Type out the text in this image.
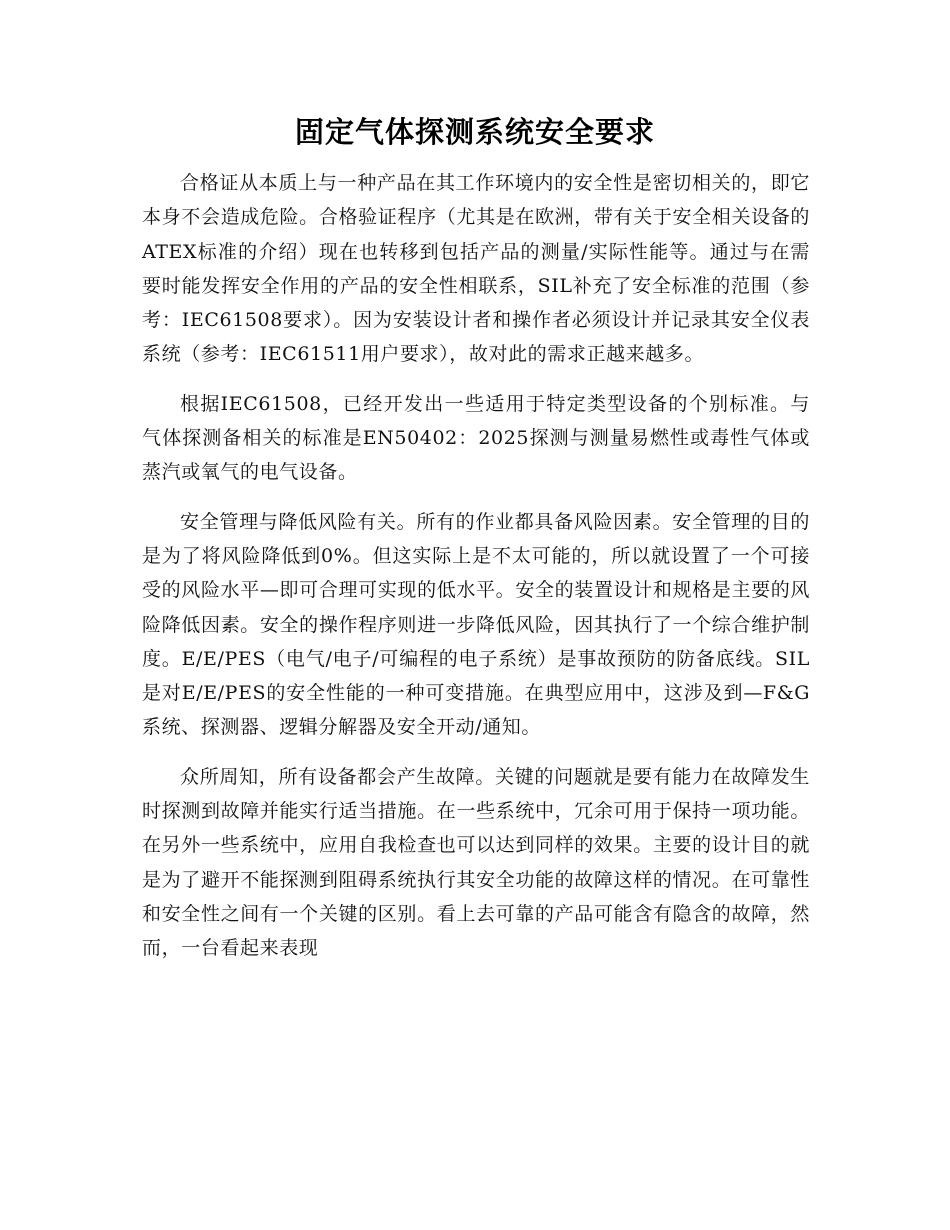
固定气体探测系统安全要求

合格证从本质上与一种产品在其工作环境内的安全性是密切相关的，即它本身不会造成危险。合格验证程序（尤其是在欧洲，带有关于安全相关设备的ATEX标准的介绍）现在也转移到包括产品的测量/实际性能等。通过与在需要时能发挥安全作用的产品的安全性相联系，SIL补充了安全标准的范围（参考：IEC61508要求）。因为安装设计者和操作者必须设计并记录其安全仪表系统（参考：IEC61511用户要求），故对此的需求正越来越多。

根据IEC61508，已经开发出一些适用于特定类型设备的个别标准。与气体探测备相关的标准是EN50402：2025探测与测量易燃性或毒性气体或蒸汽或氧气的电气设备。

安全管理与降低风险有关。所有的作业都具备风险因素。安全管理的目的是为了将风险降低到0%。但这实际上是不太可能的，所以就设置了一个可接受的风险水平—即可合理可实现的低水平。安全的装置设计和规格是主要的风险降低因素。安全的操作程序则进一步降低风险，因其执行了一个综合维护制度。E/E/PES（电气/电子/可编程的电子系统）是事故预防的防备底线。SIL是对E/E/PES的安全性能的一种可变措施。在典型应用中，这涉及到—F&G系统、探测器、逻辑分解器及安全开动/通知。

众所周知，所有设备都会产生故障。关键的问题就是要有能力在故障发生时探测到故障并能实行适当措施。在一些系统中，冗余可用于保持一项功能。在另外一些系统中，应用自我检查也可以达到同样的效果。主要的设计目的就是为了避开不能探测到阻碍系统执行其安全功能的故障这样的情况。在可靠性和安全性之间有一个关键的区别。看上去可靠的产品可能含有隐含的故障，然而，一台看起来表现
